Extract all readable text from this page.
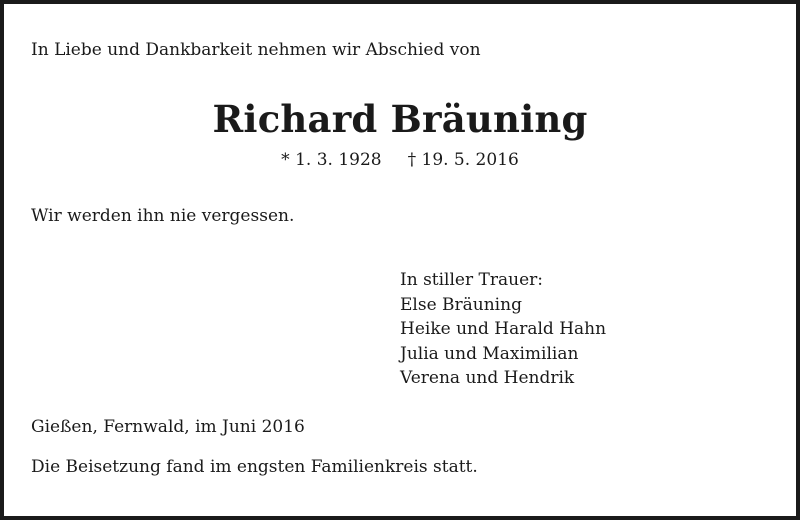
In Liebe und Dankbarkeit nehmen wir Abschied von
Richard Bräuning
* 1. 3. 1928 † 19. 5. 2016
Wir werden ihn nie vergessen.
In stiller Trauer:
Else Bräuning
Heike und Harald Hahn
Julia und Maximilian
Verena und Hendrik
Gießen, Fernwald, im Juni 2016
Die Beisetzung fand im engsten Familienkreis statt.
